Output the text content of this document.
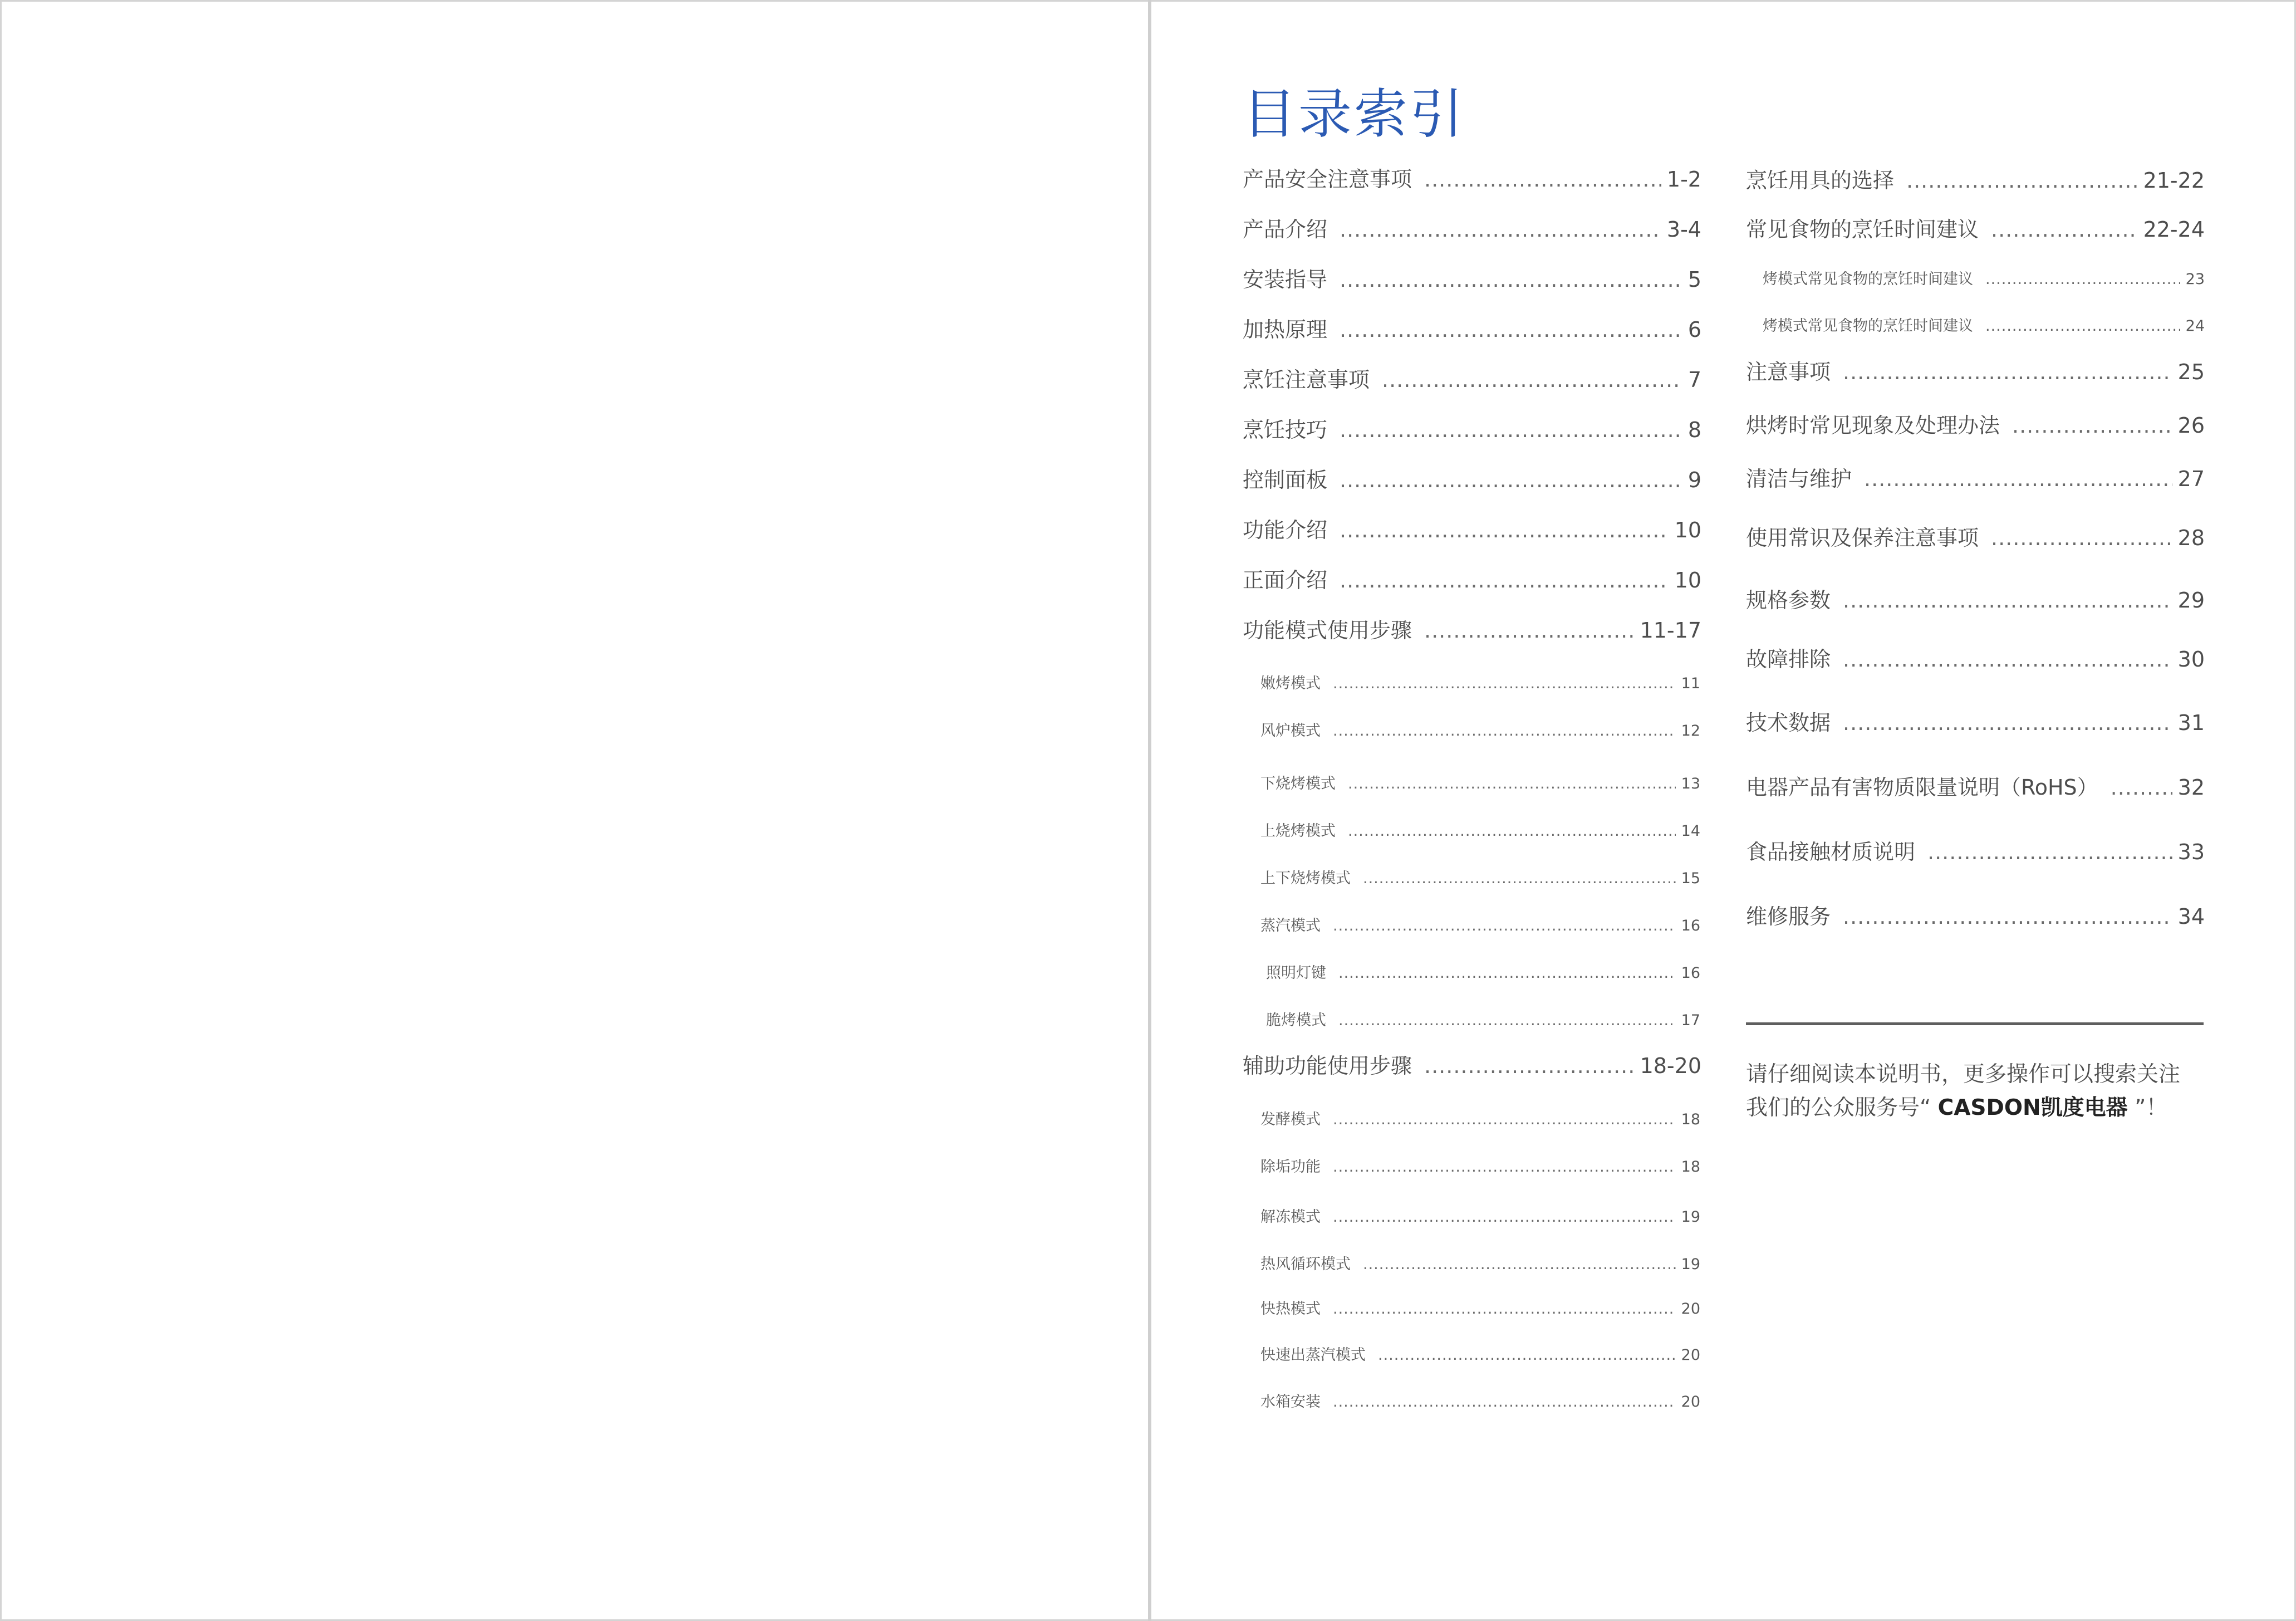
目录索引
产品安全注意事项 .....	1-2
产品介绍 .....	3-4
安装指导 .....	5
加热原理 .....	6
烹饪注意事项 .....	7
烹饪技巧 .....	8
控制面板 .....	9
功能介绍 .....	10
正面介绍 .....	10
功能模式使用步骤 .....	11-17
嫩烤模式 .....	11
风炉模式 .....	12
下烧烤模式 .....	13
上烧烤模式 .....	14
上下烧烤模式 .....	15
蒸汽模式 .....	16
照明灯键 .....	16
脆烤模式 .....	17
辅助功能使用步骤 .....	18-20
发酵模式 .....	18
除垢功能 .....	18
解冻模式 .....	19
热风循环模式 .....	19
快热模式 .....	20
快速出蒸汽模式 .....	20
水箱安装 .....	20
烹饪用具的选择 .....	21-22
常见食物的烹饪时间建议 .....	22-24
烤模式常见食物的烹饪时间建议 .....	23
烤模式常见食物的烹饪时间建议 .....	24
注意事项 .....	25
烘烤时常见现象及处理办法 .....	26
清洁与维护 .....	27
使用常识及保养注意事项 .....	28
规格参数 .....	29
故障排除 .....	30
技术数据 .....	31
电器产品有害物质限量说明（RoHS） .....	32
食品接触材质说明 .....	33
维修服务 .....	34

请仔细阅读本说明书，更多操作可以搜索关注
我们的公众服务号“ CASDON凯度电器 ”！
